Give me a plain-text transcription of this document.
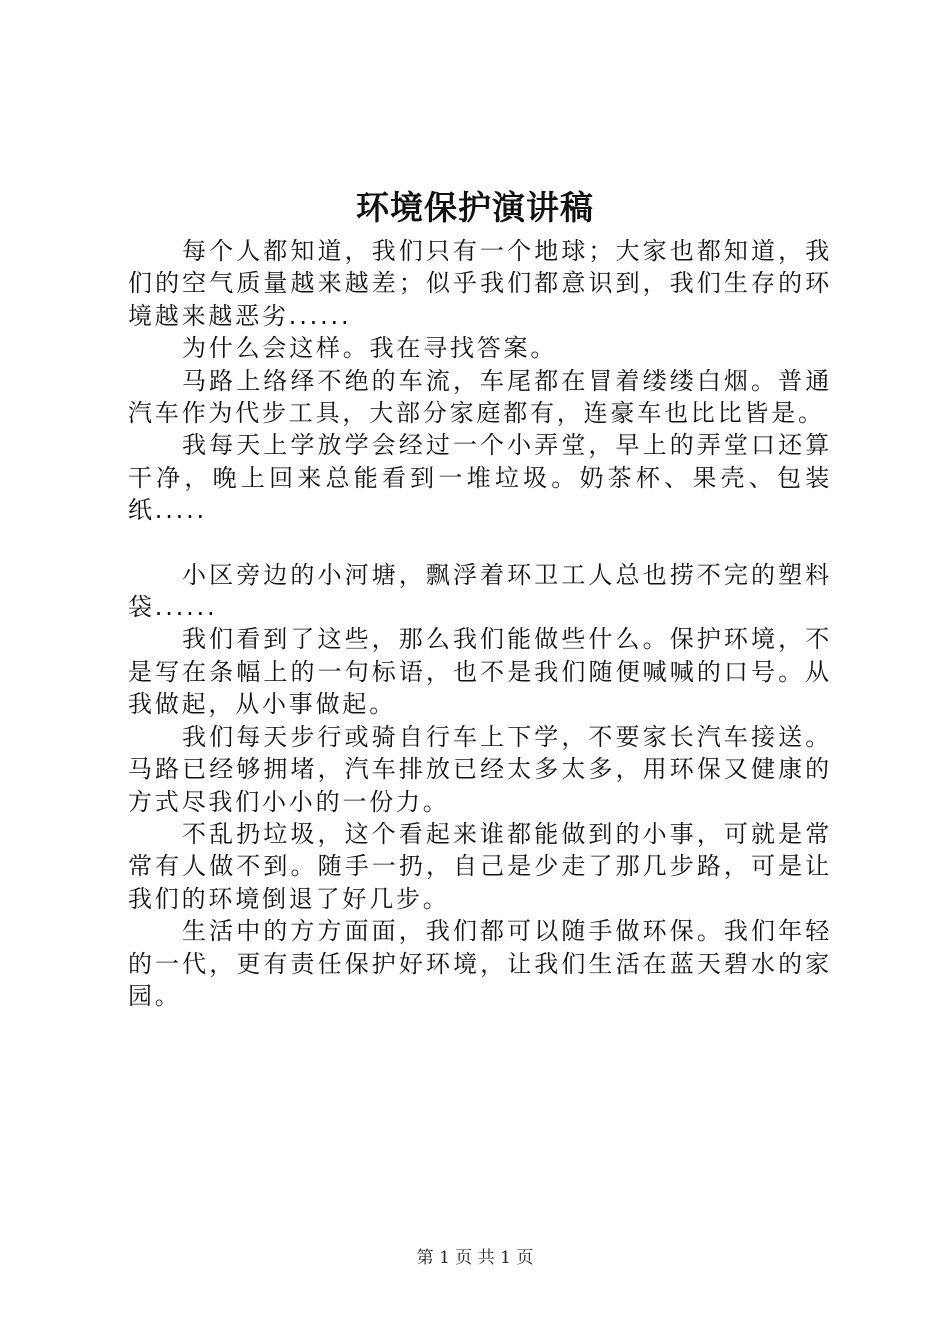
环境保护演讲稿

每个人都知道，我们只有一个地球；大家也都知道，我们的空气质量越来越差；似乎我们都意识到，我们生存的环境越来越恶劣......

为什么会这样。我在寻找答案。

马路上络绎不绝的车流，车尾都在冒着缕缕白烟。普通汽车作为代步工具，大部分家庭都有，连豪车也比比皆是。

我每天上学放学会经过一个小弄堂，早上的弄堂口还算干净，晚上回来总能看到一堆垃圾。奶茶杯、果壳、包装纸.....

小区旁边的小河塘，飘浮着环卫工人总也捞不完的塑料袋......

我们看到了这些，那么我们能做些什么。保护环境，不是写在条幅上的一句标语，也不是我们随便喊喊的口号。从我做起，从小事做起。

我们每天步行或骑自行车上下学，不要家长汽车接送。马路已经够拥堵，汽车排放已经太多太多，用环保又健康的方式尽我们小小的一份力。

不乱扔垃圾，这个看起来谁都能做到的小事，可就是常常有人做不到。随手一扔，自己是少走了那几步路，可是让我们的环境倒退了好几步。

生活中的方方面面，我们都可以随手做环保。我们年轻的一代，更有责任保护好环境，让我们生活在蓝天碧水的家园。

第 1 页 共 1 页
